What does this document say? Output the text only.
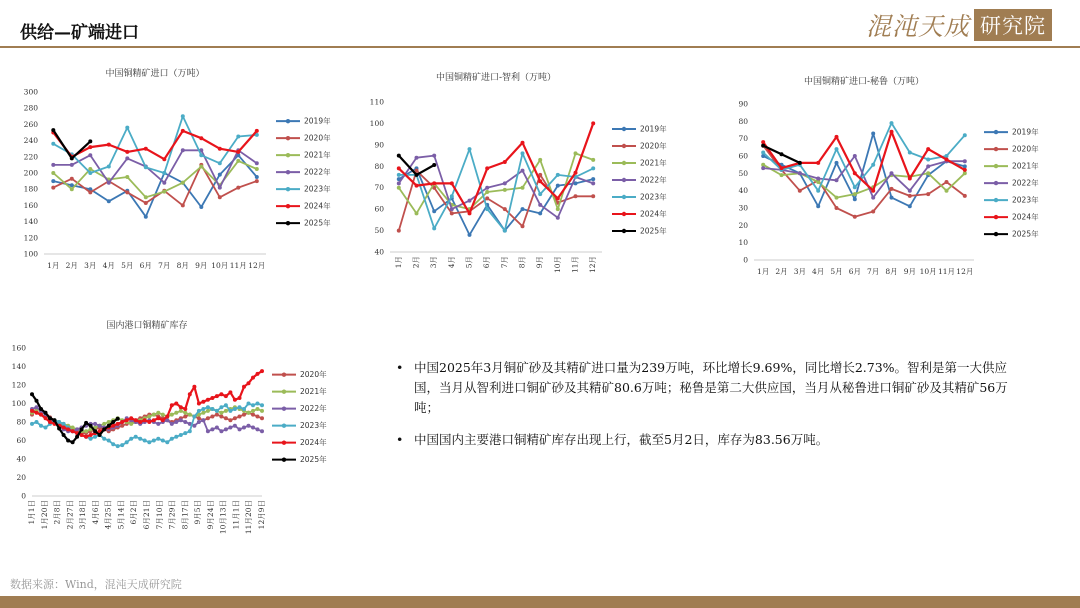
供给—矿端进口	混沌天成 研究院
中国铜精矿进口（万吨）
100
120
140
160
180
200
220
240
260
280
300
1月 2月 3月 4月 5月 6月 7月 8月 9月 10月 11月 12月
2019年
2020年
2021年
2022年
2023年
2024年
2025年
中国铜精矿进口-智利（万吨）
40
50
60
70
80
90
100
110
1月 2月 3月 4月 5月 6月 7月 8月 9月 10月 11月 12月
2019年
2020年
2021年
2022年
2023年
2024年
2025年
中国铜精矿进口-秘鲁（万吨）
0
10
20
30
40
50
60
70
80
90
1月 2月 3月 4月 5月 6月 7月 8月 9月 10月 11月 12月
2019年
2020年
2021年
2022年
2023年
2024年
2025年
国内港口铜精矿库存
0
20
40
60
80
100
120
140
160
1月1日 1月20日 2月8日 2月27日 3月18日 4月6日 4月25日 5月14日 6月2日 6月21日 7月10日 7月29日 8月17日 9月5日 9月24日 10月13日 11月1日 11月20日 12月9日
2020年
2021年
2022年
2023年
2024年
2025年
• 中国2025年3月铜矿砂及其精矿进口量为239万吨，环比增长9.69%，同比增长2.73%。智利是第一大供应国，当月从智利进口铜矿砂及其精矿80.6万吨；秘鲁是第二大供应国，当月从秘鲁进口铜矿砂及其精矿56万吨；
• 中国国内主要港口铜精矿库存出现上行，截至5月2日，库存为83.56万吨。
数据来源：Wind，混沌天成研究院
